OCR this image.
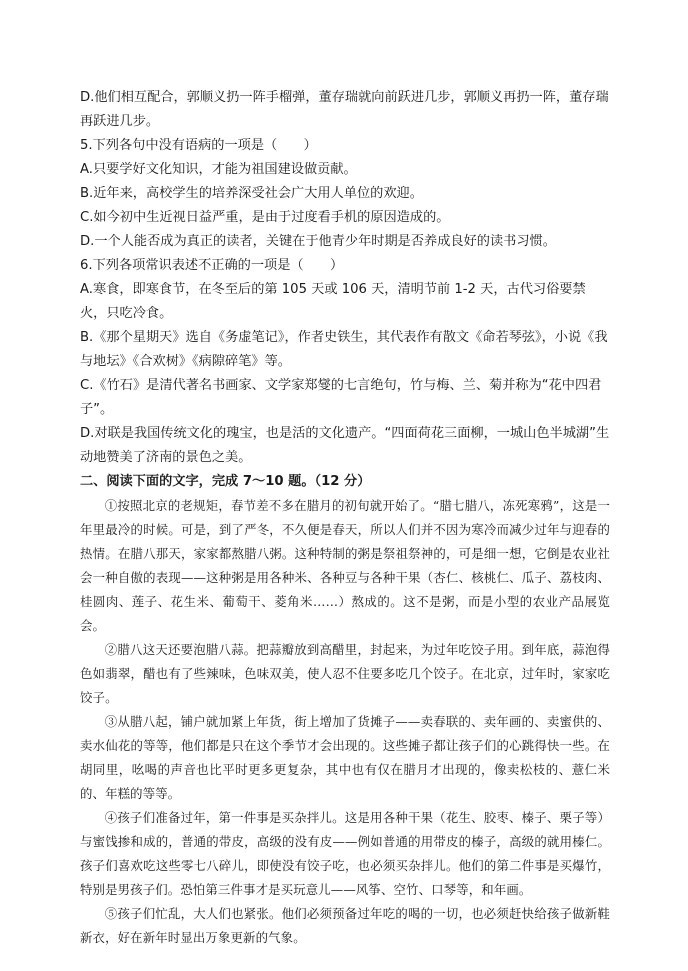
D.他们相互配合，郭顺义扔一阵手榴弹，董存瑞就向前跃进几步，郭顺义再扔一阵，董存瑞再跃进几步。

5.下列各句中没有语病的一项是（　　）

A.只要学好文化知识，才能为祖国建设做贡献。

B.近年来，高校学生的培养深受社会广大用人单位的欢迎。

C.如今初中生近视日益严重，是由于过度看手机的原因造成的。

D.一个人能否成为真正的读者，关键在于他青少年时期是否养成良好的读书习惯。

6.下列各项常识表述不正确的一项是（　　）

A.寒食，即寒食节，在冬至后的第 105 天或 106 天，清明节前 1-2 天，古代习俗要禁火，只吃冷食。

B.《那个星期天》选自《务虚笔记》，作者史铁生，其代表作有散文《命若琴弦》，小说《我与地坛》《合欢树》《病隙碎笔》等。

C.《竹石》是清代著名书画家、文学家郑燮的七言绝句，竹与梅、兰、菊并称为“花中四君子”。

D.对联是我国传统文化的瑰宝，也是活的文化遗产。“四面荷花三面柳，一城山色半城湖”生动地赞美了济南的景色之美。

二、阅读下面的文字，完成 7～10 题。（12 分）

①按照北京的老规矩，春节差不多在腊月的初旬就开始了。“腊七腊八，冻死寒鸦”，这是一年里最冷的时候。可是，到了严冬，不久便是春天，所以人们并不因为寒冷而减少过年与迎春的热情。在腊八那天，家家都熬腊八粥。这种特制的粥是祭祖祭神的，可是细一想，它倒是农业社会一种自傲的表现——这种粥是用各种米、各种豆与各种干果（杏仁、核桃仁、瓜子、荔枝肉、桂圆肉、莲子、花生米、葡萄干、菱角米……）熬成的。这不是粥，而是小型的农业产品展览会。

②腊八这天还要泡腊八蒜。把蒜瓣放到高醋里，封起来，为过年吃饺子用。到年底，蒜泡得色如翡翠，醋也有了些辣味，色味双美，使人忍不住要多吃几个饺子。在北京，过年时，家家吃饺子。

③从腊八起，铺户就加紧上年货，街上增加了货摊子——卖春联的、卖年画的、卖蜜供的、卖水仙花的等等，他们都是只在这个季节才会出现的。这些摊子都让孩子们的心跳得快一些。在胡同里，吆喝的声音也比平时更多更复杂，其中也有仅在腊月才出现的，像卖松枝的、薏仁米的、年糕的等等。

④孩子们准备过年，第一件事是买杂拌儿。这是用各种干果（花生、胶枣、榛子、栗子等）与蜜饯掺和成的，普通的带皮，高级的没有皮——例如普通的用带皮的榛子，高级的就用榛仁。孩子们喜欢吃这些零七八碎儿，即使没有饺子吃，也必须买杂拌儿。他们的第二件事是买爆竹，特别是男孩子们。恐怕第三件事才是买玩意儿——风筝、空竹、口琴等，和年画。

⑤孩子们忙乱，大人们也紧张。他们必须预备过年吃的喝的一切，也必须赶快给孩子做新鞋新衣，好在新年时显出万象更新的气象。
